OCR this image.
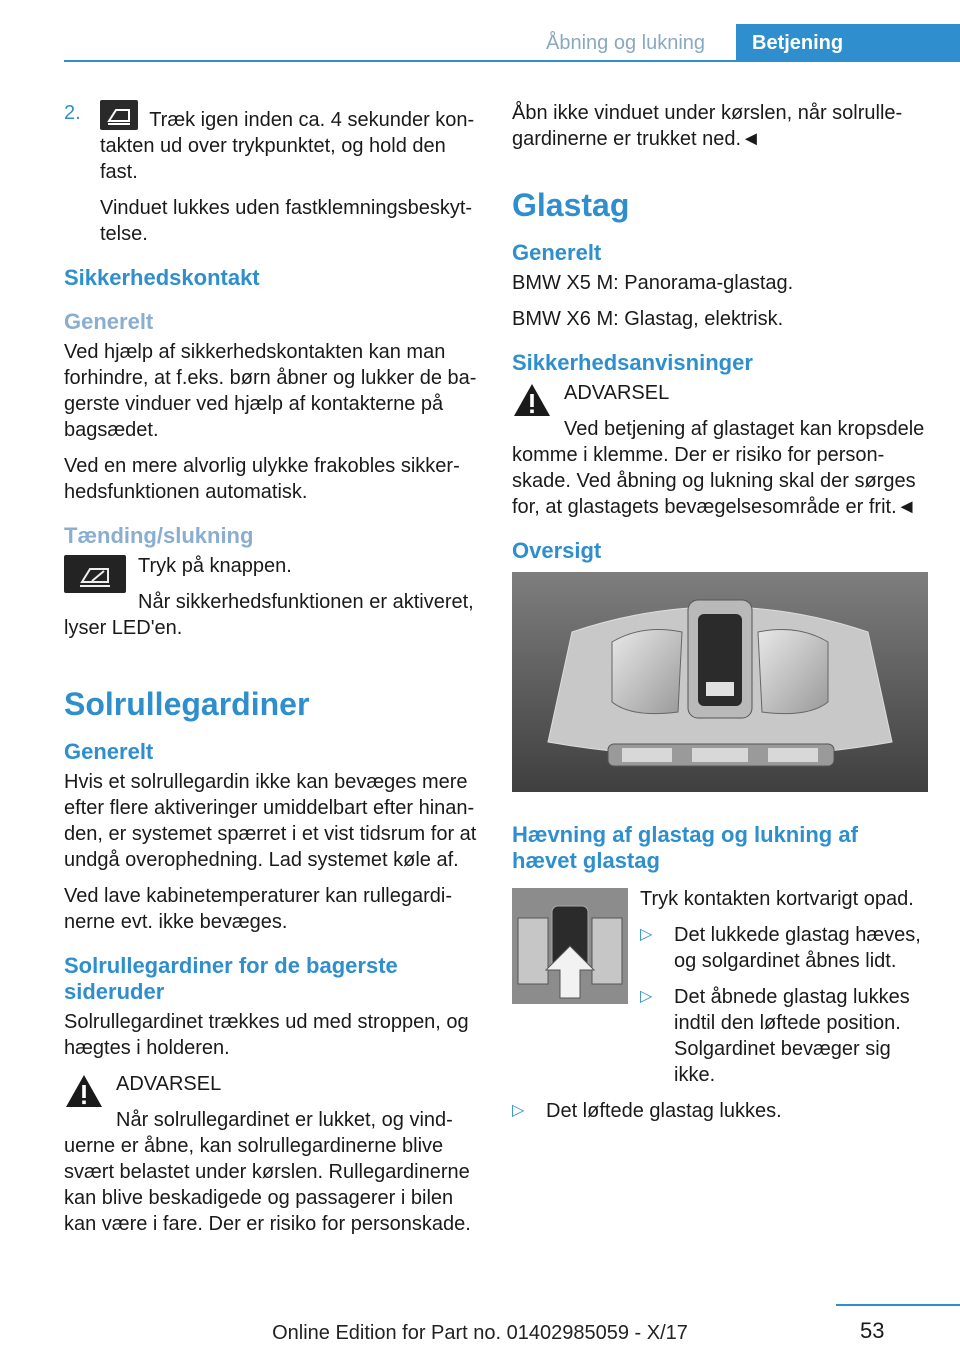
Åbning og lukning	Betjening
2.	Træk igen inden ca. 4 sekunder kon-takten ud over trykpunktet, og hold den fast.

Vinduet lukkes uden fastklemningsbeskyt-telse.

Sikkerhedskontakt
Generelt

Ved hjælp af sikkerhedskontakten kan man forhindre, at f.eks. børn åbner og lukker de ba-gerste vinduer ved hjælp af kontakterne på bagsædet.

Ved en mere alvorlig ulykke frakobles sikker-hedsfunktionen automatisk.

Tænding/slukning

Tryk på knappen.

Når sikkerhedsfunktionen er aktiveret, lyser LED'en.

Solrullegardiner
Generelt

Hvis et solrullegardin ikke kan bevæges mere efter flere aktiveringer umiddelbart efter hinan-den, er systemet spærret i et vist tidsrum for at undgå overophedning. Lad systemet køle af.

Ved lave kabinetemperaturer kan rullegardi-nerne evt. ikke bevæges.

Solrullegardiner for de bagerste sideruder

Solrullegardinet trækkes ud med stroppen, og hægtes i holderen.

ADVARSEL

Når solrullegardinet er lukket, og vind-uerne er åbne, kan solrullegardinerne blive svært belastet under kørslen. Rullegardinerne kan blive beskadigede og passagerer i bilen kan være i fare. Der er risiko for personskade.

Åbn ikke vinduet under kørslen, når solrulle-gardinerne er trukket ned.◄

Glastag
Generelt

BMW X5 M: Panorama-glastag.

BMW X6 M: Glastag, elektrisk.

Sikkerhedsanvisninger

ADVARSEL

Ved betjening af glastaget kan kropsdele komme i klemme. Der er risiko for person-skade. Ved åbning og lukning skal der sørges for, at glastagets bevægelsesområde er frit.◄

Oversigt
Hævning af glastag og lukning af hævet glastag

Tryk kontakten kortvarigt opad.

▷ Det lukkede glastag hæves, og solgardinet åbnes lidt.
▷ Det åbnede glastag lukkes indtil den løftede position. Solgardinet bevæger sig ikke.
▷ Det løftede glastag lukkes.
53
Online Edition for Part no. 01402985059 - X/17
